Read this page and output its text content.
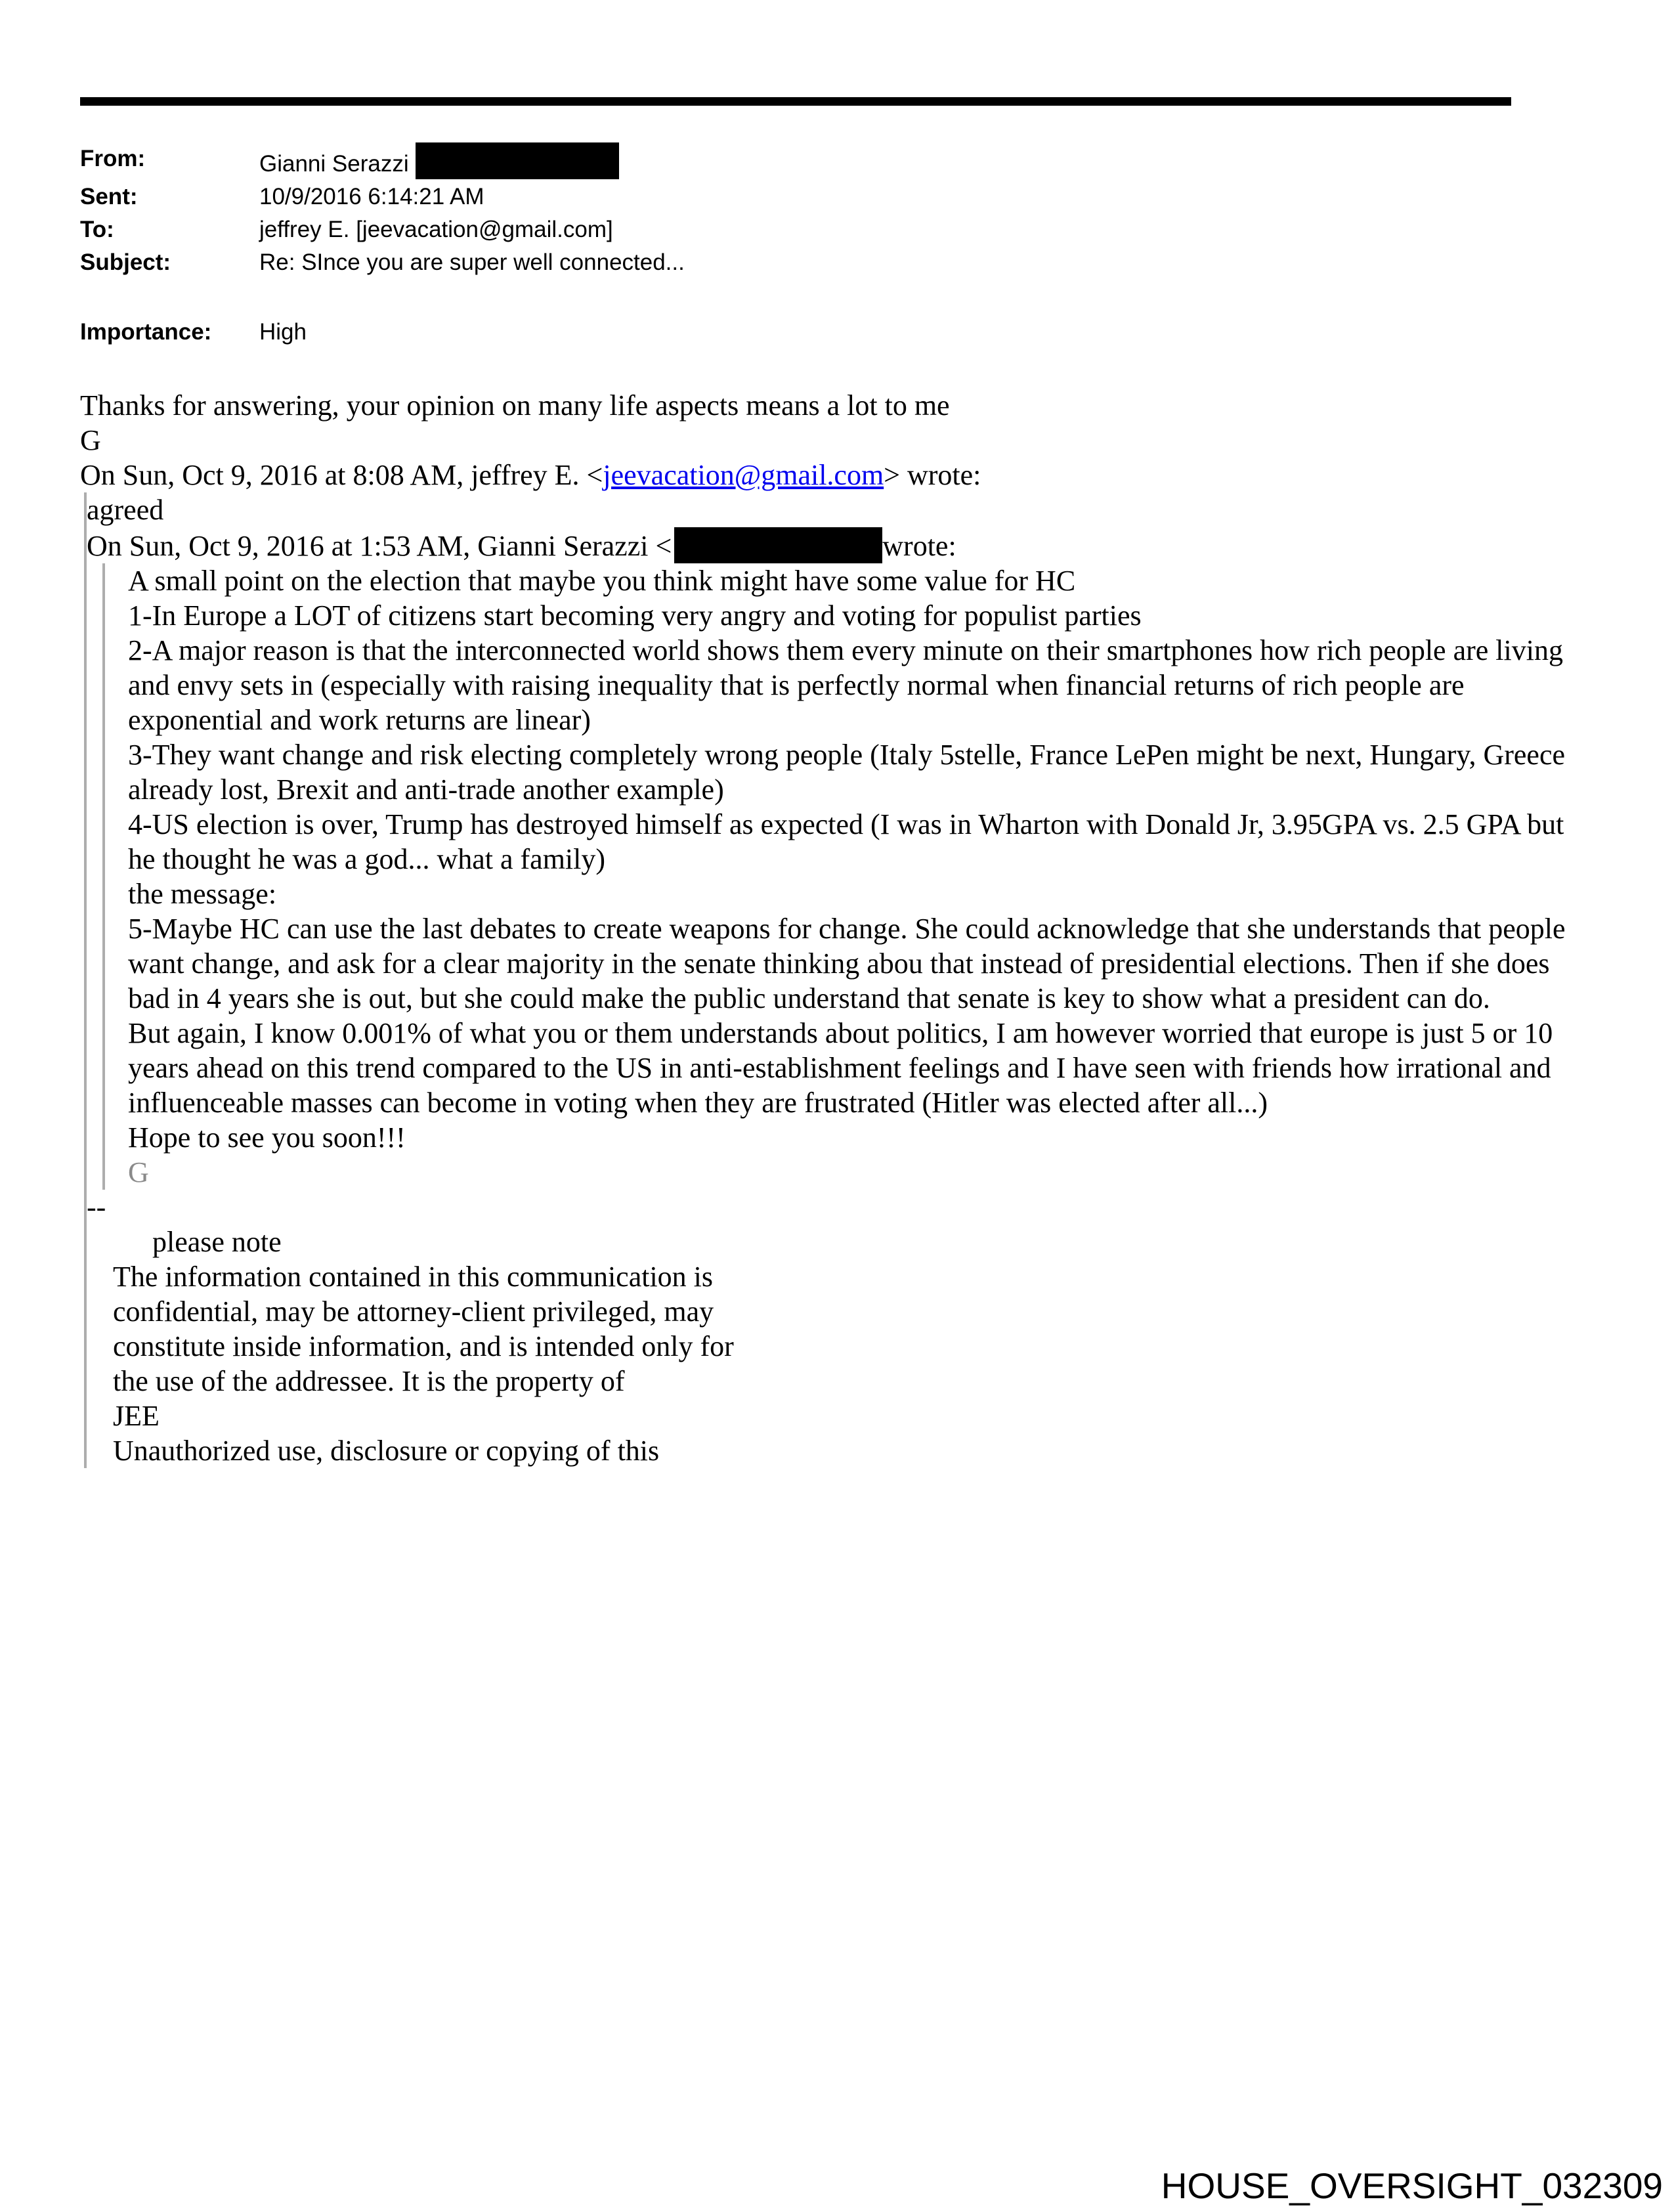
From:	Gianni Serazzi
Sent:	10/9/2016 6:14:21 AM
To:	jeffrey E. [jeevacation@gmail.com]
Subject:	Re: SInce you are super well connected...
Importance:	High

Thanks for answering, your opinion on many life aspects means a lot to me

G

On Sun, Oct 9, 2016 at 8:08 AM, jeffrey E. <jeevacation@gmail.com> wrote:

agreed

On Sun, Oct 9, 2016 at 1:53 AM, Gianni Serazzi <	wrote:

A small point on the election that maybe you think might have some value for HC

1-In Europe a LOT of citizens start becoming very angry and voting for populist parties

2-A major reason is that the interconnected world shows them every minute on their smartphones how rich people are living and envy sets in (especially with raising inequality that is perfectly normal when financial returns of rich people are exponential and work returns are linear)

3-They want change and risk electing completely wrong people (Italy 5stelle, France LePen might be next, Hungary, Greece already lost, Brexit and anti-trade another example)

4-US election is over, Trump has destroyed himself as expected (I was in Wharton with Donald Jr, 3.95GPA vs. 2.5 GPA but he thought he was a god... what a family)

the message:

5-Maybe HC can use the last debates to create weapons for change. She could acknowledge that she understands that people want change, and ask for a clear majority in the senate thinking abou that instead of presidential elections. Then if she does bad in 4 years she is out, but she could make the public understand that senate is key to show what a president can do.

But again, I know 0.001% of what you or them understands about politics, I am however worried that europe is just 5 or 10 years ahead on this trend compared to the US in anti-establishment feelings and I have seen with friends how irrational and influenceable masses can become in voting when they are frustrated (Hitler was elected after all...)

Hope to see you soon!!!

G

--

please note

The information contained in this communication is
confidential, may be attorney-client privileged, may
constitute inside information, and is intended only for
the use of the addressee. It is the property of
JEE
Unauthorized use, disclosure or copying of this
HOUSE_OVERSIGHT_032309
